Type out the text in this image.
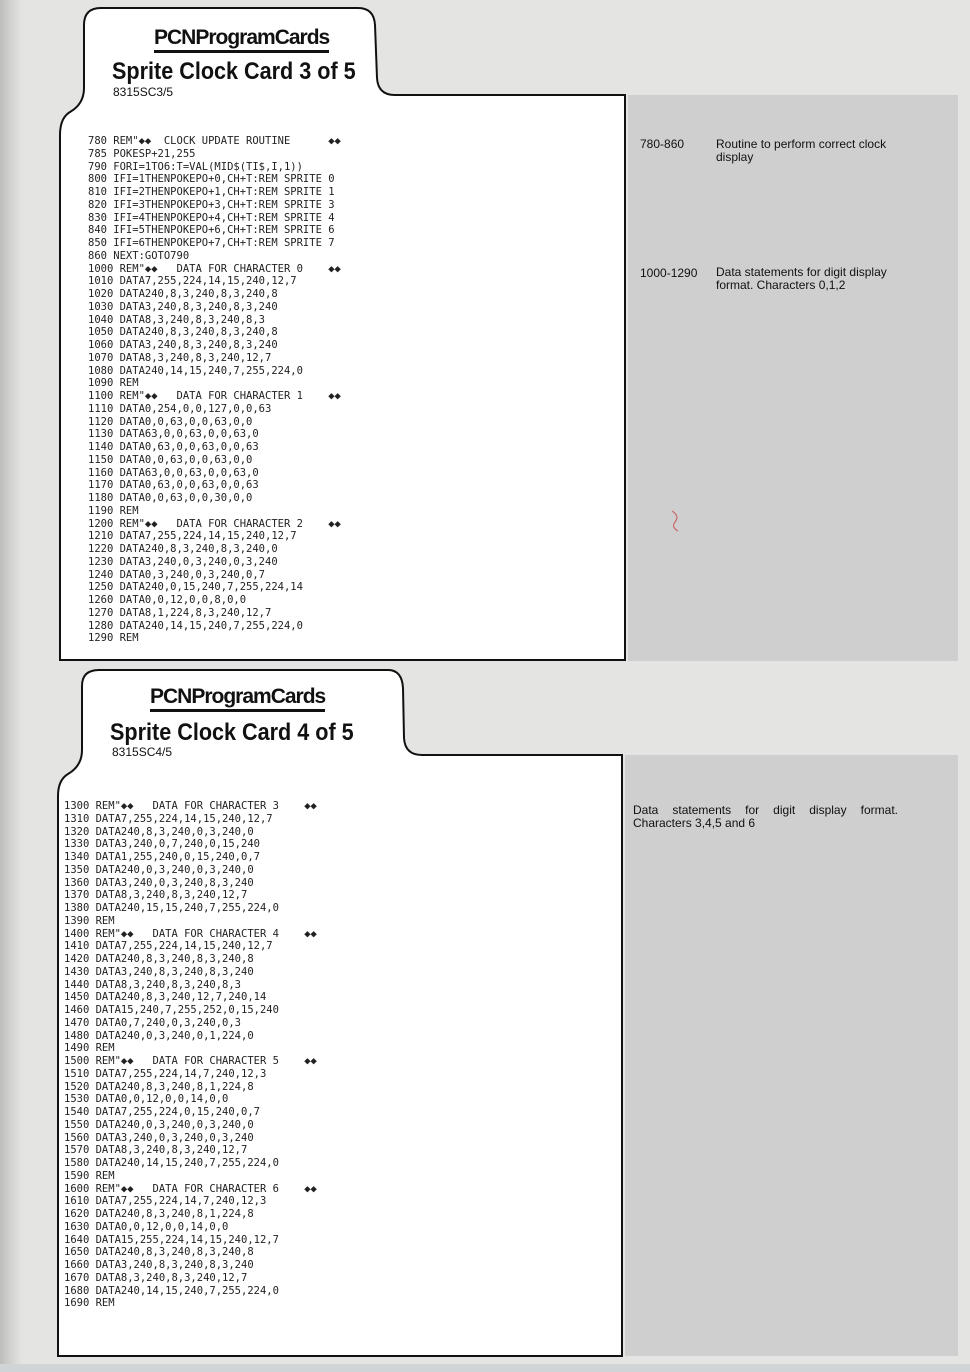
PCNProgramCards
Sprite Clock Card 3 of 5
8315SC3/5
780 REM"◆◆  CLOCK UPDATE ROUTINE      ◆◆
785 POKESP+21,255
790 FORI=1TO6:T=VAL(MID$(TI$,I,1))
800 IFI=1THENPOKEPO+0,CH+T:REM SPRITE 0
810 IFI=2THENPOKEPO+1,CH+T:REM SPRITE 1
820 IFI=3THENPOKEPO+3,CH+T:REM SPRITE 3
830 IFI=4THENPOKEPO+4,CH+T:REM SPRITE 4
840 IFI=5THENPOKEPO+6,CH+T:REM SPRITE 6
850 IFI=6THENPOKEPO+7,CH+T:REM SPRITE 7
860 NEXT:GOTO790
1000 REM"◆◆   DATA FOR CHARACTER 0    ◆◆
1010 DATA7,255,224,14,15,240,12,7
1020 DATA240,8,3,240,8,3,240,8
1030 DATA3,240,8,3,240,8,3,240
1040 DATA8,3,240,8,3,240,8,3
1050 DATA240,8,3,240,8,3,240,8
1060 DATA3,240,8,3,240,8,3,240
1070 DATA8,3,240,8,3,240,12,7
1080 DATA240,14,15,240,7,255,224,0
1090 REM
1100 REM"◆◆   DATA FOR CHARACTER 1    ◆◆
1110 DATA0,254,0,0,127,0,0,63
1120 DATA0,0,63,0,0,63,0,0
1130 DATA63,0,0,63,0,0,63,0
1140 DATA0,63,0,0,63,0,0,63
1150 DATA0,0,63,0,0,63,0,0
1160 DATA63,0,0,63,0,0,63,0
1170 DATA0,63,0,0,63,0,0,63
1180 DATA0,0,63,0,0,30,0,0
1190 REM
1200 REM"◆◆   DATA FOR CHARACTER 2    ◆◆
1210 DATA7,255,224,14,15,240,12,7
1220 DATA240,8,3,240,8,3,240,0
1230 DATA3,240,0,3,240,0,3,240
1240 DATA0,3,240,0,3,240,0,7
1250 DATA240,0,15,240,7,255,224,14
1260 DATA0,0,12,0,0,8,0,0
1270 DATA8,1,224,8,3,240,12,7
1280 DATA240,14,15,240,7,255,224,0
1290 REM
780-860	Routine to perform correct clock display
1000-1290 Data statements for digit display format. Characters 0,1,2
PCNProgramCards
Sprite Clock Card 4 of 5
8315SC4/5
1300 REM"◆◆   DATA FOR CHARACTER 3    ◆◆
1310 DATA7,255,224,14,15,240,12,7
1320 DATA240,8,3,240,0,3,240,0
1330 DATA3,240,0,7,240,0,15,240
1340 DATA1,255,240,0,15,240,0,7
1350 DATA240,0,3,240,0,3,240,0
1360 DATA3,240,0,3,240,8,3,240
1370 DATA8,3,240,8,3,240,12,7
1380 DATA240,15,15,240,7,255,224,0
1390 REM
1400 REM"◆◆   DATA FOR CHARACTER 4    ◆◆
1410 DATA7,255,224,14,15,240,12,7
1420 DATA240,8,3,240,8,3,240,8
1430 DATA3,240,8,3,240,8,3,240
1440 DATA8,3,240,8,3,240,8,3
1450 DATA240,8,3,240,12,7,240,14
1460 DATA15,240,7,255,252,0,15,240
1470 DATA0,7,240,0,3,240,0,3
1480 DATA240,0,3,240,0,1,224,0
1490 REM
1500 REM"◆◆   DATA FOR CHARACTER 5    ◆◆
1510 DATA7,255,224,14,7,240,12,3
1520 DATA240,8,3,240,8,1,224,8
1530 DATA0,0,12,0,0,14,0,0
1540 DATA7,255,224,0,15,240,0,7
1550 DATA240,0,3,240,0,3,240,0
1560 DATA3,240,0,3,240,0,3,240
1570 DATA8,3,240,8,3,240,12,7
1580 DATA240,14,15,240,7,255,224,0
1590 REM
1600 REM"◆◆   DATA FOR CHARACTER 6    ◆◆
1610 DATA7,255,224,14,7,240,12,3
1620 DATA240,8,3,240,8,1,224,8
1630 DATA0,0,12,0,0,14,0,0
1640 DATA15,255,224,14,15,240,12,7
1650 DATA240,8,3,240,8,3,240,8
1660 DATA3,240,8,3,240,8,3,240
1670 DATA8,3,240,8,3,240,12,7
1680 DATA240,14,15,240,7,255,224,0
1690 REM
Data statements for digit display format. Characters 3,4,5 and 6
